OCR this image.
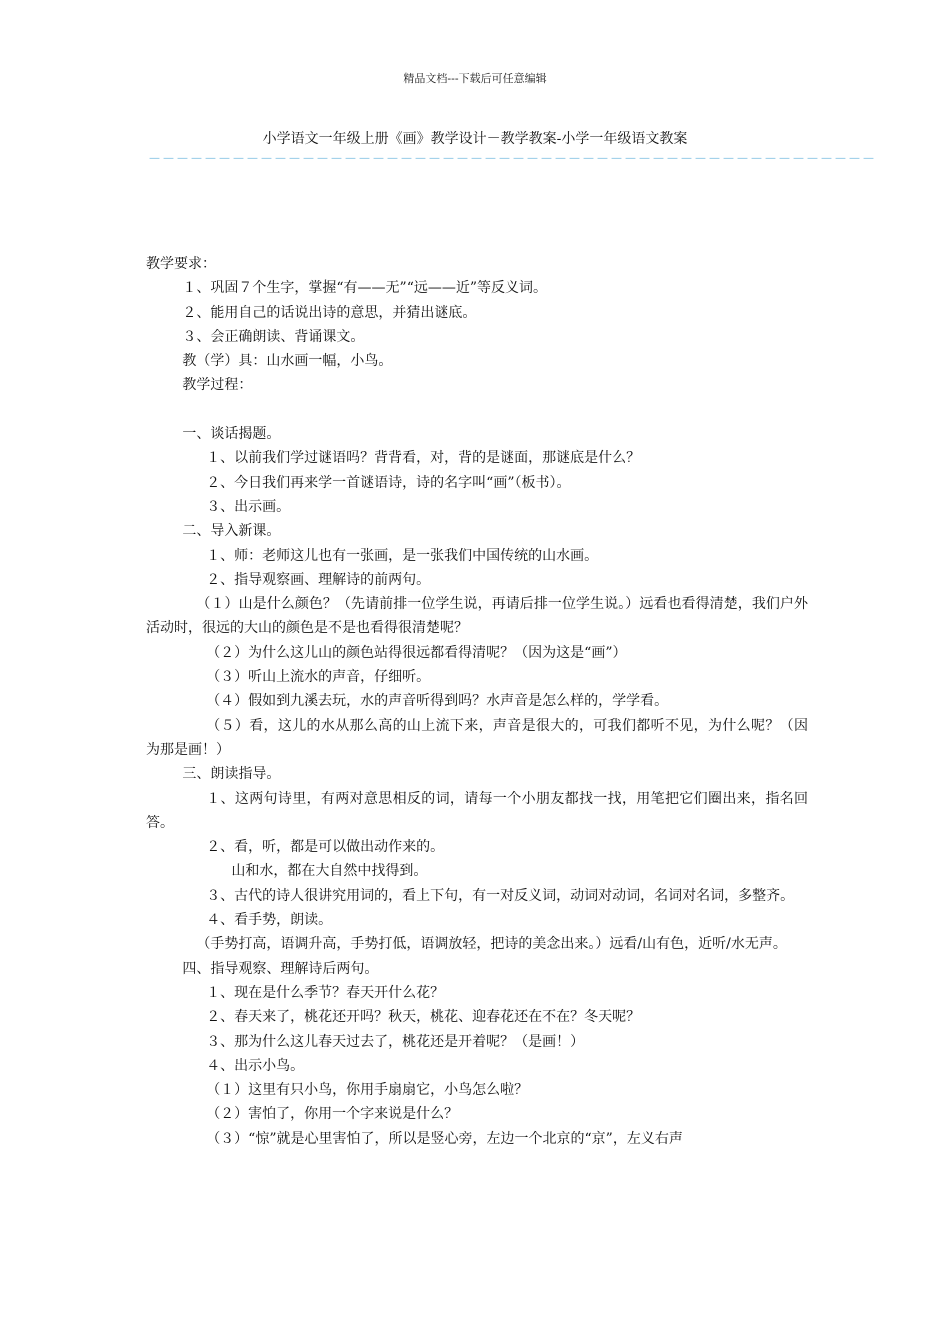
精品文档---下载后可任意编辑
小学语文一年级上册《画》教学设计－教学教案-小学一年级语文教案
－－－－－－－－－－－－－－－－－－－－－－－－－－－－－－－－－－－－－－－－－－－－－－－－－－－－

教学要求：

１、巩固７个生字，掌握“有——无”“远——近”等反义词。

２、能用自己的话说出诗的意思，并猜出谜底。

３、会正确朗读、背诵课文。

教（学）具：山水画一幅，小鸟。

教学过程：

一、谈话揭题。

１、以前我们学过谜语吗？背背看，对，背的是谜面，那谜底是什么？

２、今日我们再来学一首谜语诗，诗的名字叫“画”（板书）。

３、出示画。

二、导入新课。

１、师：老师这儿也有一张画，是一张我们中国传统的山水画。

２、指导观察画、理解诗的前两句。

（１）山是什么颜色？（先请前排一位学生说，再请后排一位学生说。）远看也看得清楚，我们户外活动时，很远的大山的颜色是不是也看得很清楚呢？

（２）为什么这儿山的颜色站得很远都看得清呢？（因为这是“画”）

（３）听山上流水的声音，仔细听。

（４）假如到九溪去玩，水的声音听得到吗？水声音是怎么样的，学学看。

（５）看，这儿的水从那么高的山上流下来，声音是很大的，可我们都听不见，为什么呢？（因为那是画！）

三、朗读指导。

１、这两句诗里，有两对意思相反的词，请每一个小朋友都找一找，用笔把它们圈出来，指名回答。

２、看，听，都是可以做出动作来的。

山和水，都在大自然中找得到。

３、古代的诗人很讲究用词的，看上下句，有一对反义词，动词对动词，名词对名词，多整齐。

４、看手势，朗读。

（手势打高，语调升高，手势打低，语调放轻，把诗的美念出来。）远看/山有色，近听/水无声。

四、指导观察、理解诗后两句。

１、现在是什么季节？春天开什么花？

２、春天来了，桃花还开吗？秋天，桃花、迎春花还在不在？冬天呢？

３、那为什么这儿春天过去了，桃花还是开着呢？（是画！）

４、出示小鸟。

（１）这里有只小鸟，你用手扇扇它，小鸟怎么啦？

（２）害怕了，你用一个字来说是什么？

（３）“惊”就是心里害怕了，所以是竖心旁，左边一个北京的“京”，左义右声
